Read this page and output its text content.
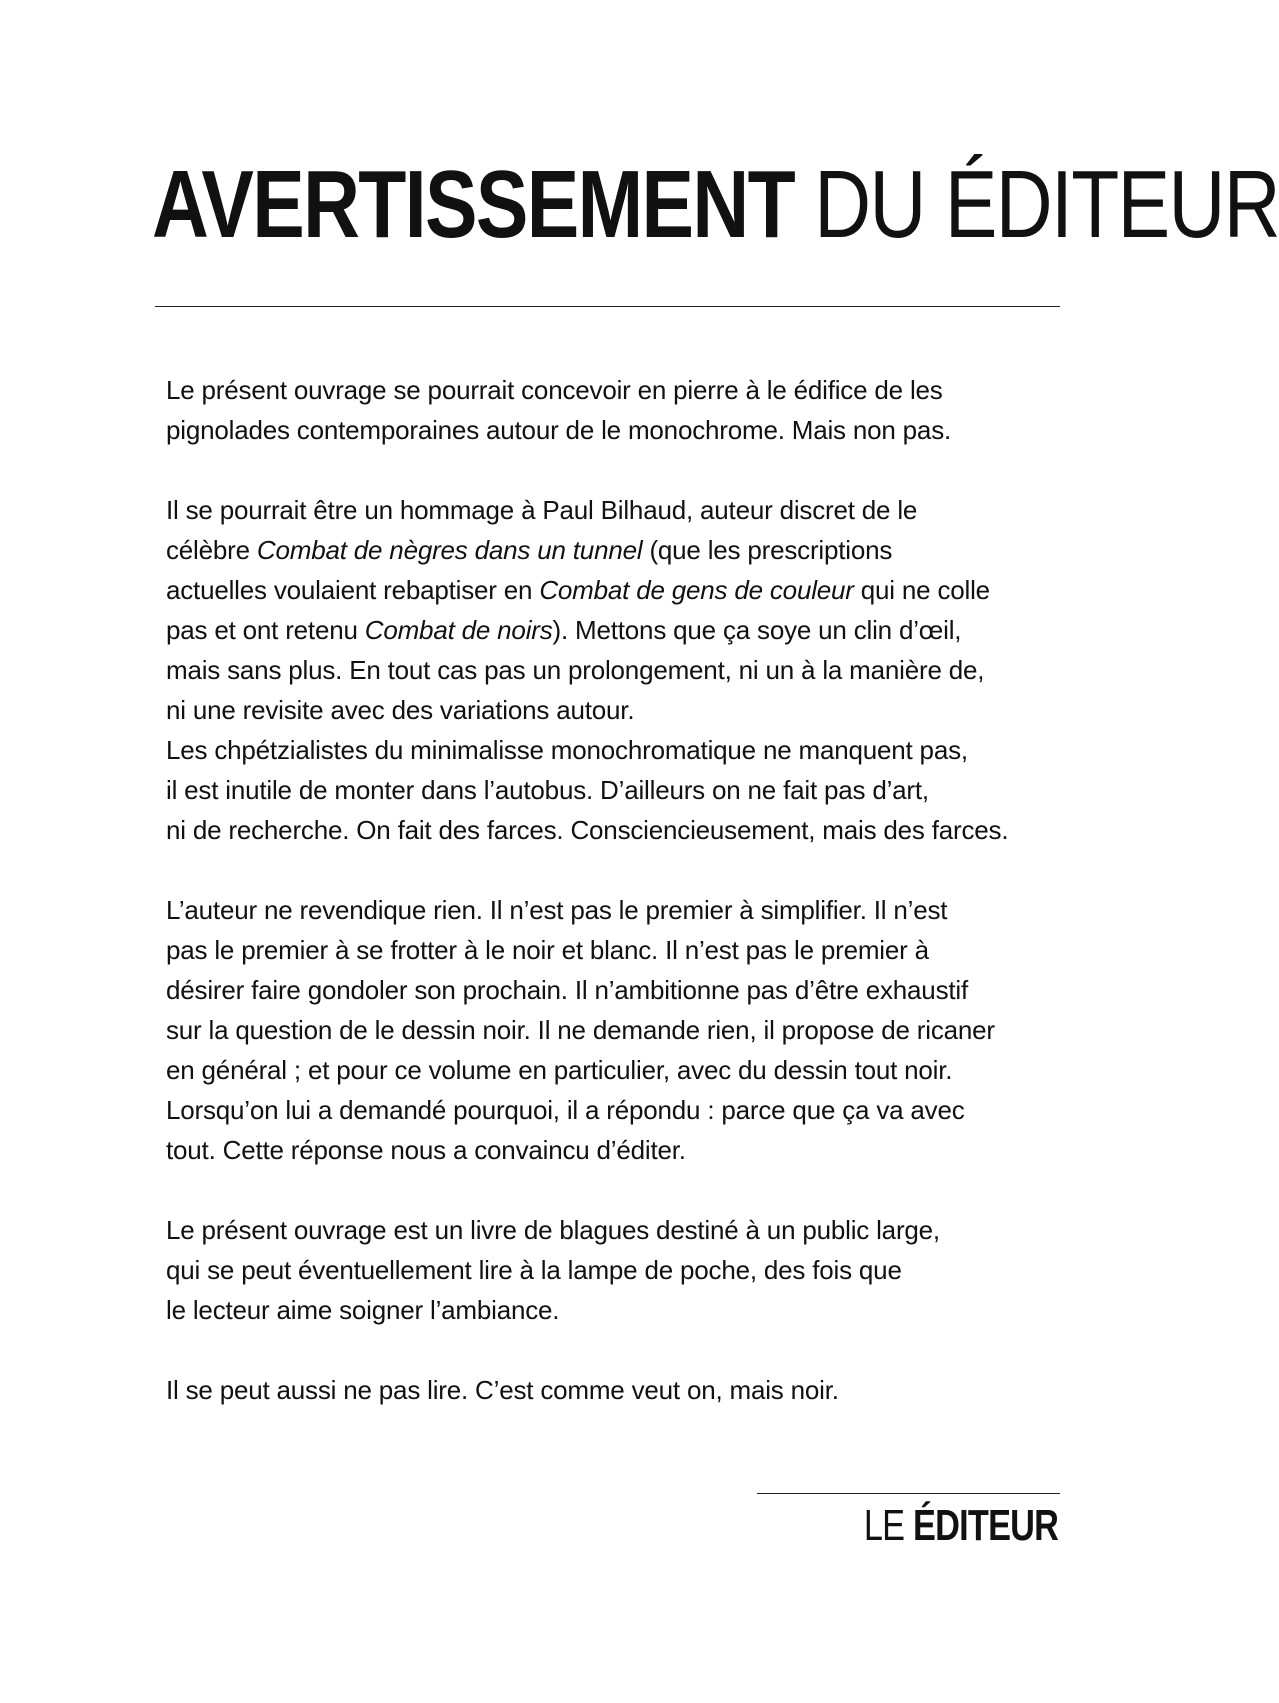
AVERTISSEMENT DU ÉDITEUR

Le présent ouvrage se pourrait concevoir en pierre à le édifice de les
pignolades contemporaines autour de le monochrome. Mais non pas.

Il se pourrait être un hommage à Paul Bilhaud, auteur discret de le
célèbre Combat de nègres dans un tunnel (que les prescriptions
actuelles voulaient rebaptiser en Combat de gens de couleur qui ne colle
pas et ont retenu Combat de noirs). Mettons que ça soye un clin d’œil,
mais sans plus. En tout cas pas un prolongement, ni un à la manière de,
ni une revisite avec des variations autour.
Les chpétzialistes du minimalisse monochromatique ne manquent pas,
il est inutile de monter dans l’autobus. D’ailleurs on ne fait pas d’art,
ni de recherche. On fait des farces. Consciencieusement, mais des farces.

L’auteur ne revendique rien. Il n’est pas le premier à simplifier. Il n’est
pas le premier à se frotter à le noir et blanc. Il n’est pas le premier à
désirer faire gondoler son prochain. Il n’ambitionne pas d’être exhaustif
sur la question de le dessin noir. Il ne demande rien, il propose de ricaner
en général ; et pour ce volume en particulier, avec du dessin tout noir.
Lorsqu’on lui a demandé pourquoi, il a répondu : parce que ça va avec
tout. Cette réponse nous a convaincu d’éditer.

Le présent ouvrage est un livre de blagues destiné à un public large,
qui se peut éventuellement lire à la lampe de poche, des fois que
le lecteur aime soigner l’ambiance.

Il se peut aussi ne pas lire. C’est comme veut on, mais noir.

LE ÉDITEUR
